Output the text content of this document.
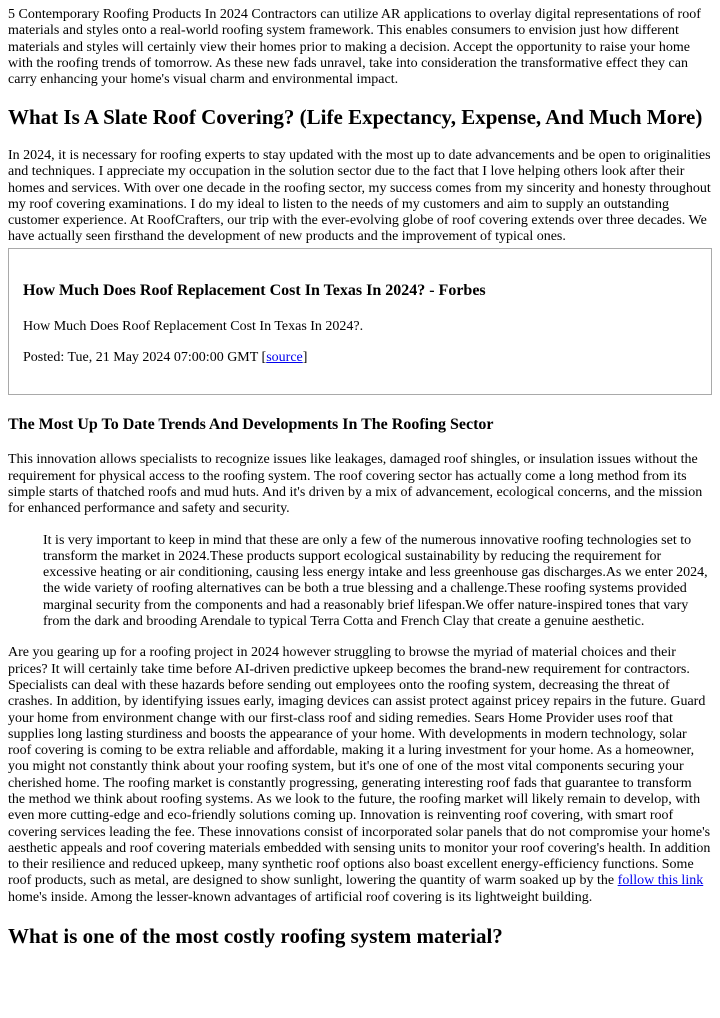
5 Contemporary Roofing Products In 2024 Contractors can utilize AR applications to overlay digital representations of roof materials and styles onto a real-world roofing system framework. This enables consumers to envision just how different materials and styles will certainly view their homes prior to making a decision. Accept the opportunity to raise your home with the roofing trends of tomorrow. As these new fads unravel, take into consideration the transformative effect they can carry enhancing your home's visual charm and environmental impact.

What Is A Slate Roof Covering? (Life Expectancy, Expense, And Much More)

In 2024, it is necessary for roofing experts to stay updated with the most up to date advancements and be open to originalities and techniques. I appreciate my occupation in the solution sector due to the fact that I love helping others look after their homes and services. With over one decade in the roofing sector, my success comes from my sincerity and honesty throughout my roof covering examinations. I do my ideal to listen to the needs of my customers and aim to supply an outstanding customer experience. At RoofCrafters, our trip with the ever-evolving globe of roof covering extends over three decades. We have actually seen firsthand the development of new products and the improvement of typical ones.

How Much Does Roof Replacement Cost In Texas In 2024? - Forbes

How Much Does Roof Replacement Cost In Texas In 2024?.

Posted: Tue, 21 May 2024 07:00:00 GMT [source]

The Most Up To Date Trends And Developments In The Roofing Sector

This innovation allows specialists to recognize issues like leakages, damaged roof shingles, or insulation issues without the requirement for physical access to the roofing system. The roof covering sector has actually come a long method from its simple starts of thatched roofs and mud huts. And it's driven by a mix of advancement, ecological concerns, and the mission for enhanced performance and safety and security.

It is very important to keep in mind that these are only a few of the numerous innovative roofing technologies set to transform the market in 2024.These products support ecological sustainability by reducing the requirement for excessive heating or air conditioning, causing less energy intake and less greenhouse gas discharges.As we enter 2024, the wide variety of roofing alternatives can be both a true blessing and a challenge.These roofing systems provided marginal security from the components and had a reasonably brief lifespan.We offer nature-inspired tones that vary from the dark and brooding Arendale to typical Terra Cotta and French Clay that create a genuine aesthetic.

Are you gearing up for a roofing project in 2024 however struggling to browse the myriad of material choices and their prices? It will certainly take time before AI-driven predictive upkeep becomes the brand-new requirement for contractors. Specialists can deal with these hazards before sending out employees onto the roofing system, decreasing the threat of crashes. In addition, by identifying issues early, imaging devices can assist protect against pricey repairs in the future. Guard your home from environment change with our first-class roof and siding remedies. Sears Home Provider uses roof that supplies long lasting sturdiness and boosts the appearance of your home. With developments in modern technology, solar roof covering is coming to be extra reliable and affordable, making it a luring investment for your home. As a homeowner, you might not constantly think about your roofing system, but it's one of one of the most vital components securing your cherished home. The roofing market is constantly progressing, generating interesting roof fads that guarantee to transform the method we think about roofing systems. As we look to the future, the roofing market will likely remain to develop, with even more cutting-edge and eco-friendly solutions coming up. Innovation is reinventing roof covering, with smart roof covering services leading the fee. These innovations consist of incorporated solar panels that do not compromise your home's aesthetic appeals and roof covering materials embedded with sensing units to monitor your roof covering's health. In addition to their resilience and reduced upkeep, many synthetic roof options also boast excellent energy-efficiency functions. Some roof products, such as metal, are designed to show sunlight, lowering the quantity of warm soaked up by the follow this link home's inside. Among the lesser-known advantages of artificial roof covering is its lightweight building.

What is one of the most costly roofing system material?
